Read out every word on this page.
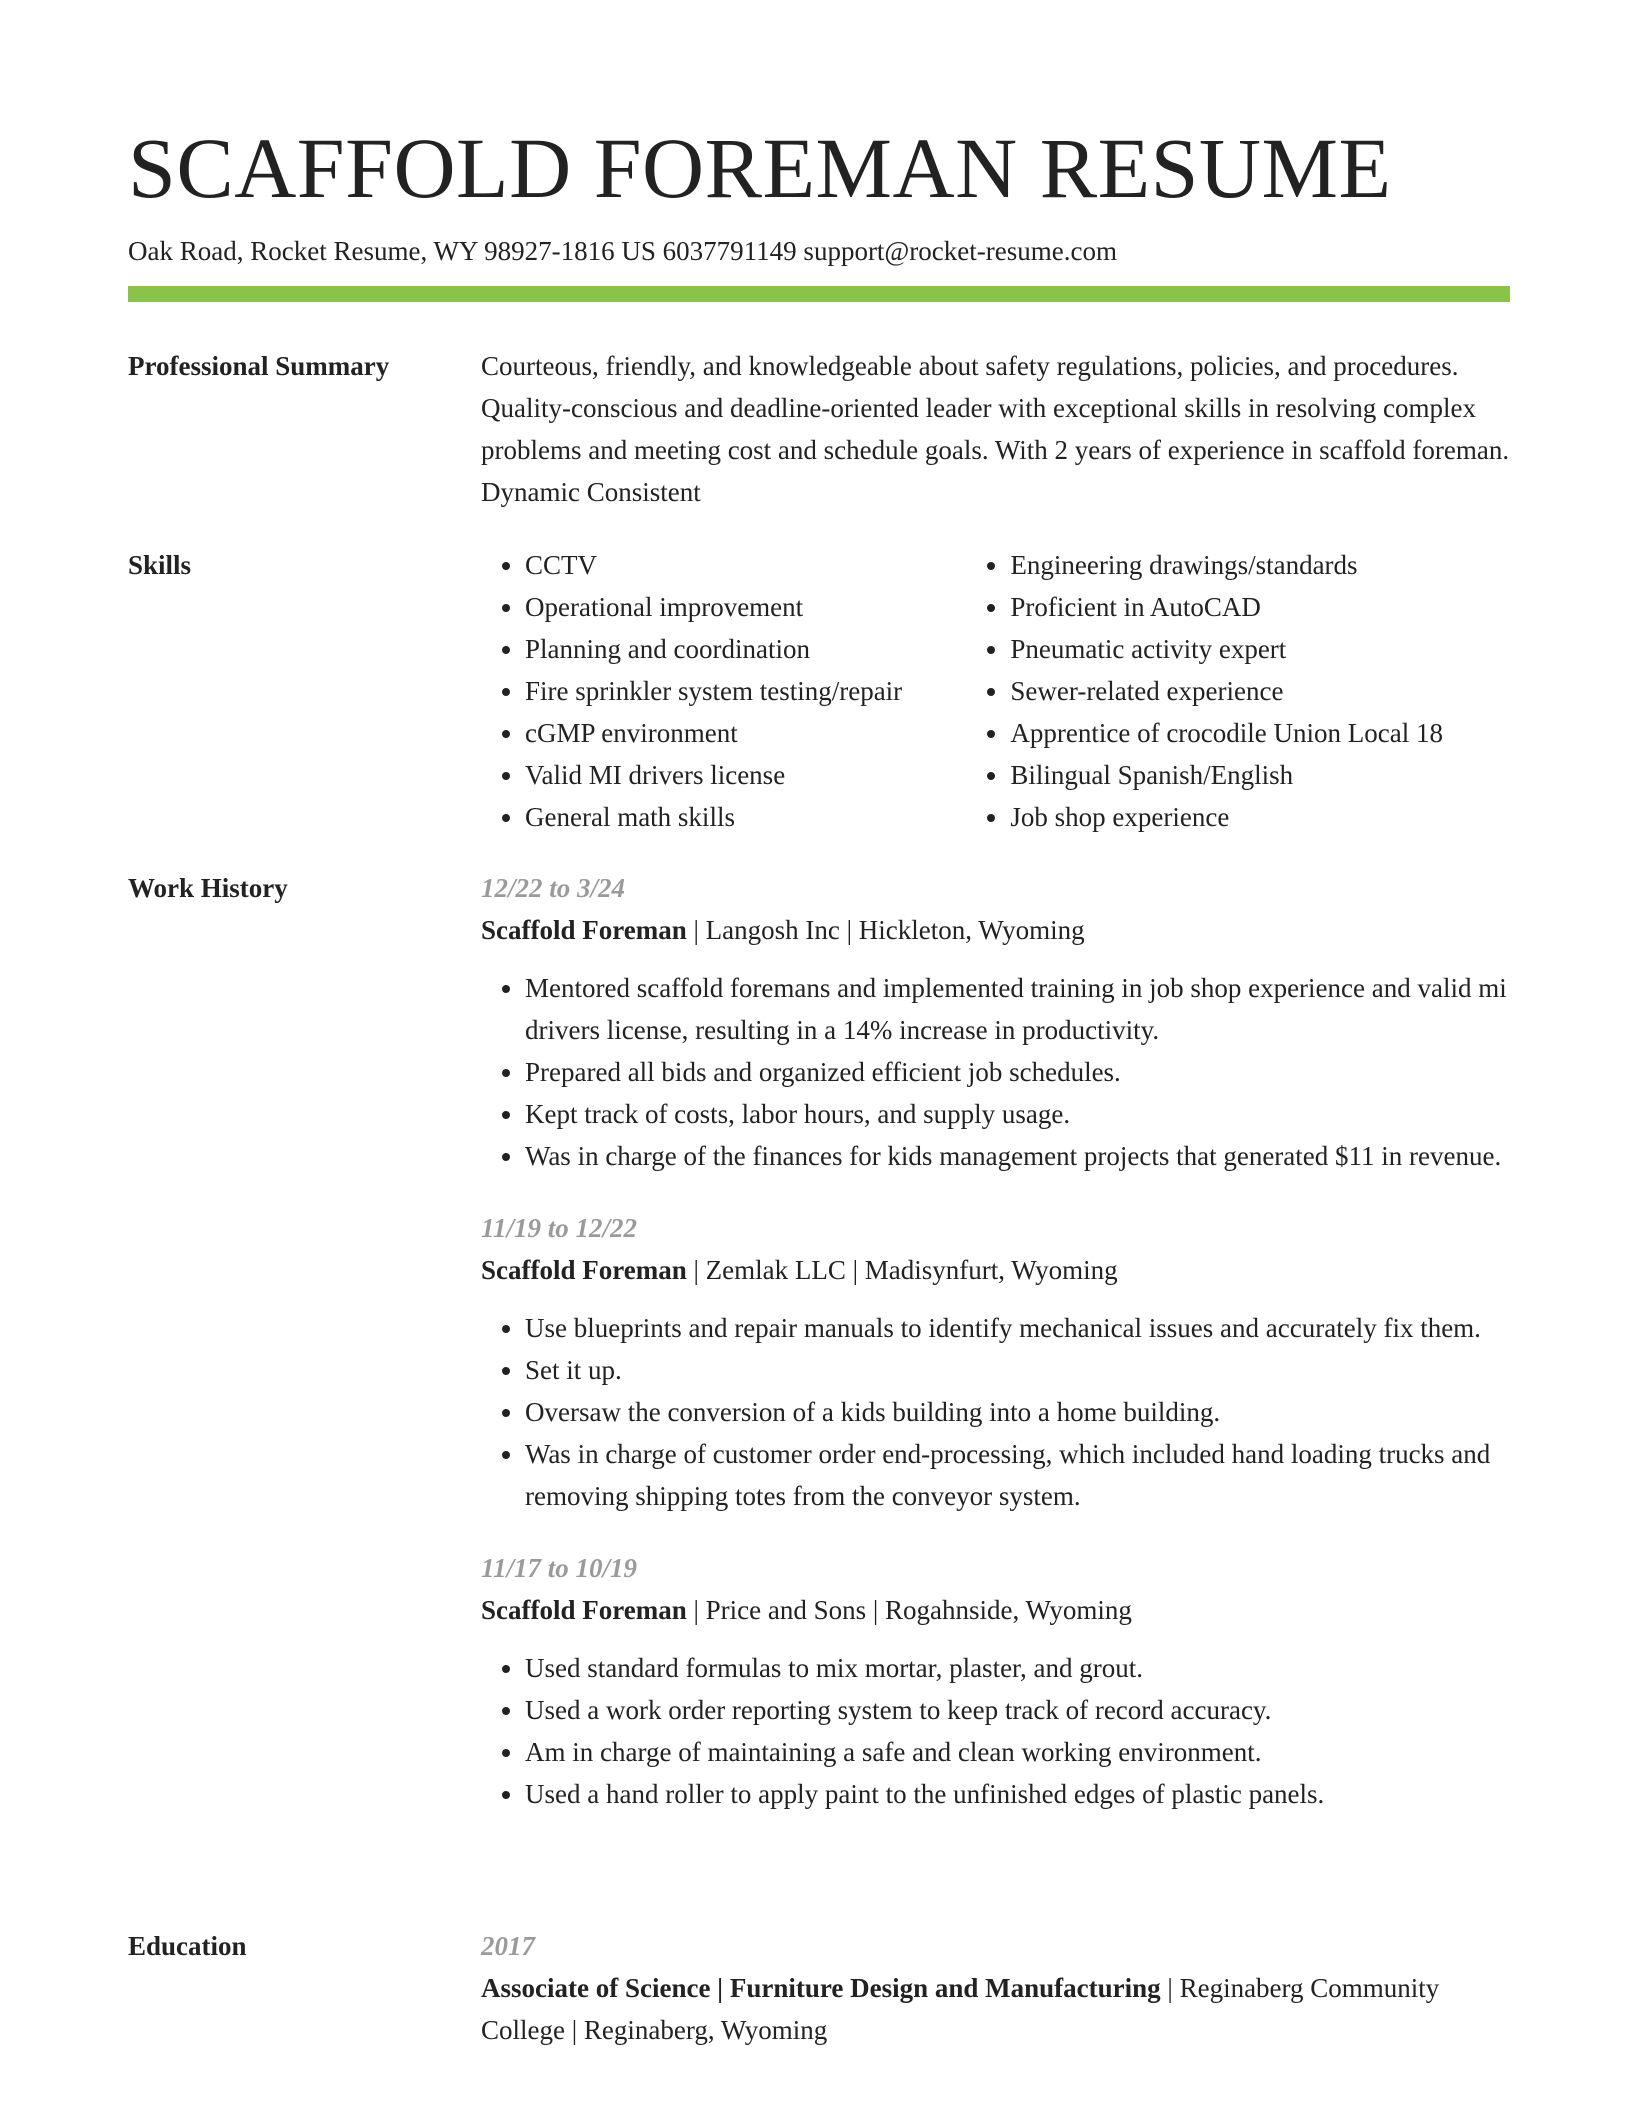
SCAFFOLD FOREMAN RESUME
Oak Road, Rocket Resume, WY 98927-1816 US 6037791149 support@rocket-resume.com
Professional Summary	Courteous, friendly, and knowledgeable about safety regulations, policies, and procedures. Quality-conscious and deadline-oriented leader with exceptional skills in resolving complex problems and meeting cost and schedule goals. With 2 years of experience in scaffold foreman. Dynamic Consistent

Skills
•	CCTV
• Operational improvement
• Planning and coordination
• Fire sprinkler system testing/repair
• cGMP environment
• Valid MI drivers license
• General math skills
• Engineering drawings/standards
• Proficient in AutoCAD
• Pneumatic activity expert
• Sewer-related experience
• Apprentice of crocodile Union Local 18
• Bilingual Spanish/English
• Job shop experience
Work History	12/22 to 3/24
Scaffold Foreman | Langosh Inc | Hickleton, Wyoming
• Mentored scaffold foremans and implemented training in job shop experience and valid mi drivers license, resulting in a 14% increase in productivity.
• Prepared all bids and organized efficient job schedules.
• Kept track of costs, labor hours, and supply usage.
• Was in charge of the finances for kids management projects that generated $11 in revenue.
11/19 to 12/22
Scaffold Foreman | Zemlak LLC | Madisynfurt, Wyoming
• Use blueprints and repair manuals to identify mechanical issues and accurately fix them.
• Set it up.
• Oversaw the conversion of a kids building into a home building.
• Was in charge of customer order end-processing, which included hand loading trucks and removing shipping totes from the conveyor system.
11/17 to 10/19
Scaffold Foreman | Price and Sons | Rogahnside, Wyoming
• Used standard formulas to mix mortar, plaster, and grout.
• Used a work order reporting system to keep track of record accuracy.
• Am in charge of maintaining a safe and clean working environment.
• Used a hand roller to apply paint to the unfinished edges of plastic panels.
Education	2017
Associate of Science | Furniture Design and Manufacturing | Reginaberg Community College | Reginaberg, Wyoming
